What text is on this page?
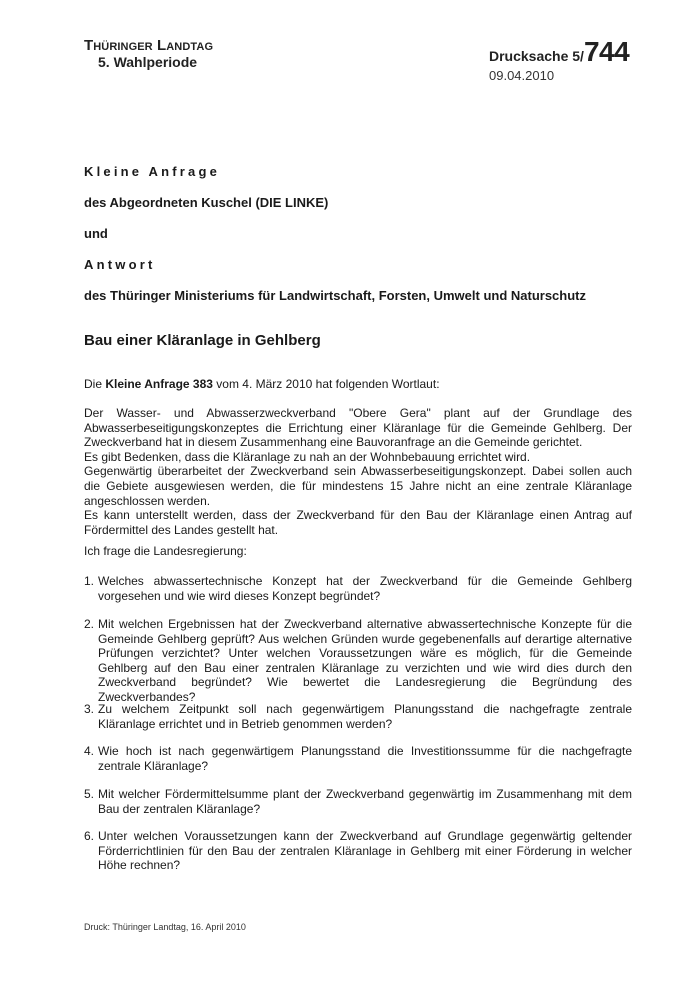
Thüringer Landtag
5. Wahlperiode	Drucksache 5/744
09.04.2010
Kleine Anfrage
des Abgeordneten Kuschel (DIE LINKE)
und
Antwort
des Thüringer Ministeriums für Landwirtschaft, Forsten, Umwelt und Naturschutz
Bau einer Kläranlage in Gehlberg
Die Kleine Anfrage 383 vom 4. März 2010 hat folgenden Wortlaut:
Der Wasser- und Abwasserzweckverband "Obere Gera" plant auf der Grundlage des Abwasserbeseitigungskonzeptes die Errichtung einer Kläranlage für die Gemeinde Gehlberg. Der Zweckverband hat in diesem Zusammenhang eine Bauvoranfrage an die Gemeinde gerichtet.
Es gibt Bedenken, dass die Kläranlage zu nah an der Wohnbebauung errichtet wird.
Gegenwärtig überarbeitet der Zweckverband sein Abwasserbeseitigungskonzept. Dabei sollen auch die Gebiete ausgewiesen werden, die für mindestens 15 Jahre nicht an eine zentrale Kläranlage angeschlossen werden.
Es kann unterstellt werden, dass der Zweckverband für den Bau der Kläranlage einen Antrag auf Fördermittel des Landes gestellt hat.
Ich frage die Landesregierung:
1. Welches abwassertechnische Konzept hat der Zweckverband für die Gemeinde Gehlberg vorgesehen und wie wird dieses Konzept begründet?
2. Mit welchen Ergebnissen hat der Zweckverband alternative abwassertechnische Konzepte für die Gemeinde Gehlberg geprüft? Aus welchen Gründen wurde gegebenenfalls auf derartige alternative Prüfungen verzichtet? Unter welchen Voraussetzungen wäre es möglich, für die Gemeinde Gehlberg auf den Bau einer zentralen Kläranlage zu verzichten und wie wird dies durch den Zweckverband begründet? Wie bewertet die Landesregierung die Begründung des Zweckverbandes?
3. Zu welchem Zeitpunkt soll nach gegenwärtigem Planungsstand die nachgefragte zentrale Kläranlage errichtet und in Betrieb genommen werden?
4. Wie hoch ist nach gegenwärtigem Planungsstand die Investitionssumme für die nachgefragte zentrale Kläranlage?
5. Mit welcher Fördermittelsumme plant der Zweckverband gegenwärtig im Zusammenhang mit dem Bau der zentralen Kläranlage?
6. Unter welchen Voraussetzungen kann der Zweckverband auf Grundlage gegenwärtig geltender Förderrichtlinien für den Bau der zentralen Kläranlage in Gehlberg mit einer Förderung in welcher Höhe rechnen?
Druck: Thüringer Landtag, 16. April 2010
